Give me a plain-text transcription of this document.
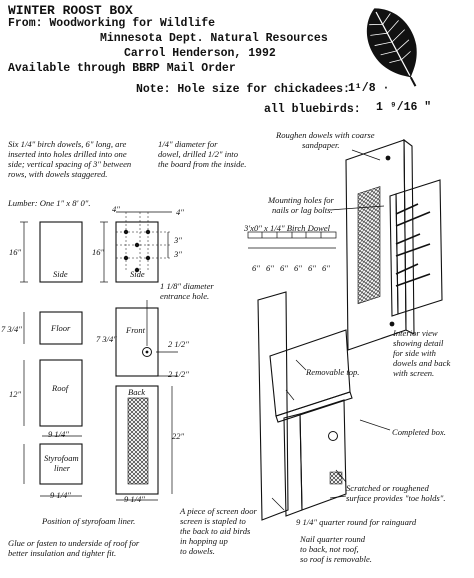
WINTER ROOST BOX
From: Woodworking for Wildlife
Minnesota Dept. Natural Resources
Carrol Henderson, 1992
Available through BBRP Mail Order
Note: Hole size for chickadees:
1¹/8 ·
all bluebirds: 1 ⁹/16 "
Six 1/4" birch dowels, 6" long, are
inserted into holes drilled into one
side; vertical spacing of 3" between
rows, with dowels staggered.
1/4" diameter for
dowel, drilled 1/2" into
the board from the inside.
Lumber: One 1" x 8' 0".
Roughen dowels with coarse
sandpaper.
Mounting holes for
nails or lag bolts.
3'x0" x 1/4" Birch Dowel
16"	16"
4"	4"
3"
3"
7 3/4"
7 3/4"
12"
22"
2 1/2"
2 1/2"
9 1/4"
9 1/4"	9 1/4"
6" 6" 6" 6" 6" 6"
Side	Side
Floor	Front
Roof	Back
Styrofoam
liner
1 1/8" diameter
entrance hole.
Interior view
showing detail
for side with
dowels and back
with screen.
Removable top.
Completed box.
Position of styrofoam liner.
Glue or fasten to underside of roof for
better insulation and tighter fit.
A piece of screen door
screen is stapled to
the back to aid birds
in hopping up
to dowels.
Scratched or roughened
surface provides "toe holds".
9 1/4" quarter round for rainguard
Nail quarter round
to back, not roof,
so roof is removable.
